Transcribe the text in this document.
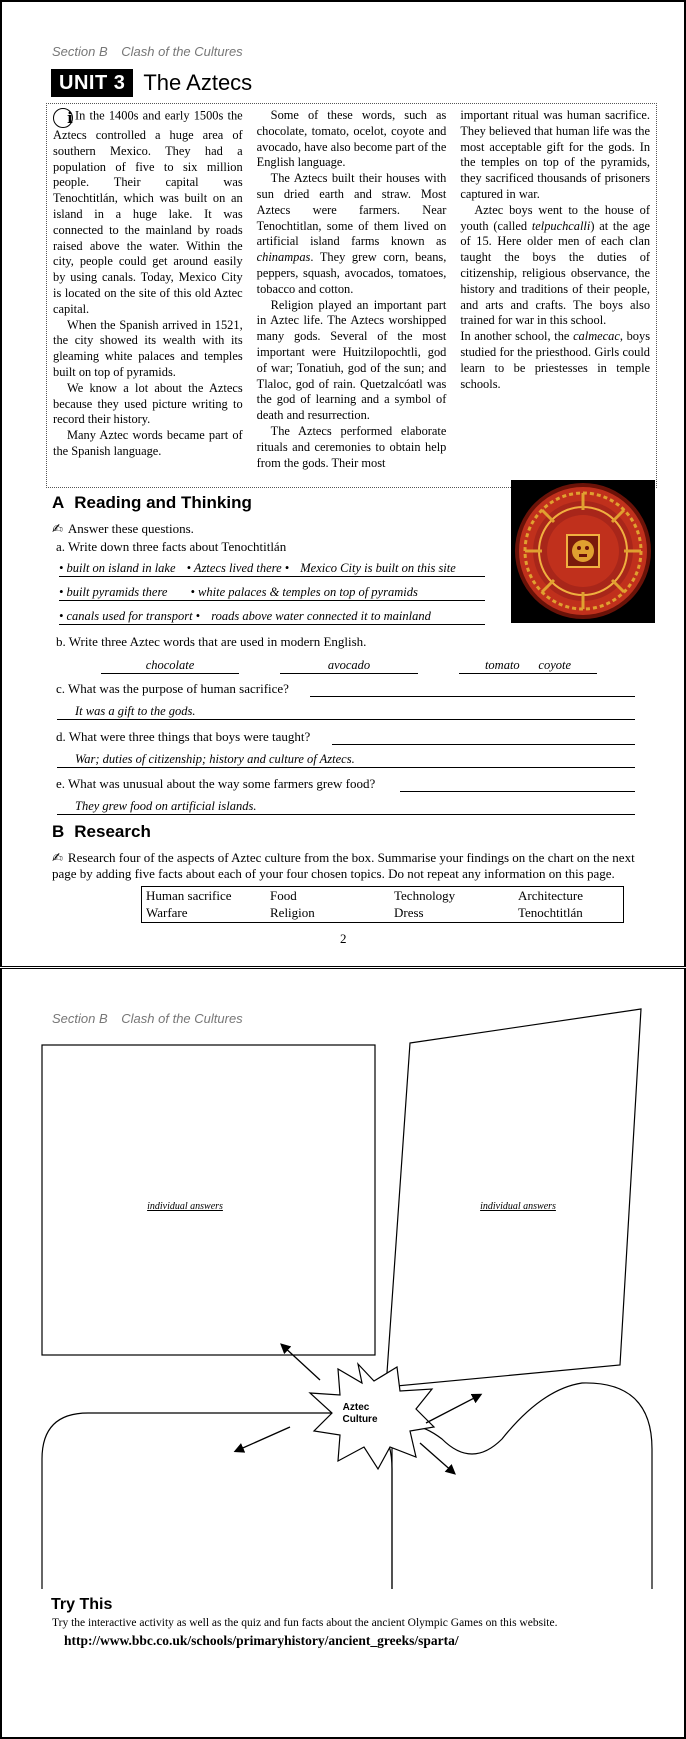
Section B Clash of the Cultures
UNIT 3 The Aztecs

i In the 1400s and early 1500s the Aztecs controlled a huge area of southern Mexico. They had a population of five to six million people. Their capital was Tenochtitlán, which was built on an island in a huge lake. It was connected to the mainland by roads raised above the water. Within the city, people could get around easily by using canals. Today, Mexico City is located on the site of this old Aztec capital.

When the Spanish arrived in 1521, the city showed its wealth with its gleaming white palaces and temples built on top of pyramids.

We know a lot about the Aztecs because they used picture writing to record their history.

Many Aztec words became part of the Spanish language.

Some of these words, such as chocolate, tomato, ocelot, coyote and avocado, have also become part of the English language.

The Aztecs built their houses with sun dried earth and straw. Most Aztecs were farmers. Near Tenochtitlan, some of them lived on artificial island farms known as chinampas. They grew corn, beans, peppers, squash, avocados, tomatoes, tobacco and cotton.

Religion played an important part in Aztec life. The Aztecs worshipped many gods. Several of the most important were Huitzilopochtli, god of war; Tonatiuh, god of the sun; and Tlaloc, god of rain. Quetzalcóatl was the god of learning and a symbol of death and resurrection.

The Aztecs performed elaborate rituals and ceremonies to obtain help from the gods. Their most

important ritual was human sacrifice. They believed that human life was the most acceptable gift for the gods. In the temples on top of the pyramids, they sacrificed thousands of prisoners captured in war.

Aztec boys went to the house of youth (called telpuchcalli) at the age of 15. Here older men of each clan taught the boys the duties of citizenship, religious observance, the history and traditions of their people, and arts and crafts. The boys also trained for war in this school.

In another school, the calmecac, boys studied for the priesthood. Girls could learn to be priestesses in temple schools.

A Reading and Thinking
✍ Answer these questions.
a. Write down three facts about Tenochtitlán
• built on island in lake • Aztecs lived there • Mexico City is built on this site
• built pyramids there • white palaces & temples on top of pyramids
• canals used for transport • roads above water connected it to mainland
b. Write three Aztec words that are used in modern English.
chocolate	avocado	tomato      coyote
c. What was the purpose of human sacrifice?
It was a gift to the gods.
d. What were three things that boys were taught?
War; duties of citizenship; history and culture of Aztecs.
e. What was unusual about the way some farmers grew food?
They grew food on artificial islands.
B Research
✍ Research four of the aspects of Aztec culture from the box. Summarise your findings on the chart on the next page by adding five facts about each of your four chosen topics. Do not repeat any information on this page.
Human sacrifice	Food	Technology	Architecture
Warfare	Religion	Dress	Tenochtitlán
2
Section B Clash of the Cultures
individual answers	individual answers
Aztec
Culture
Try This
Try the interactive activity as well as the quiz and fun facts about the ancient Olympic Games on this website.
http://www.bbc.co.uk/schools/primaryhistory/ancient_greeks/sparta/
